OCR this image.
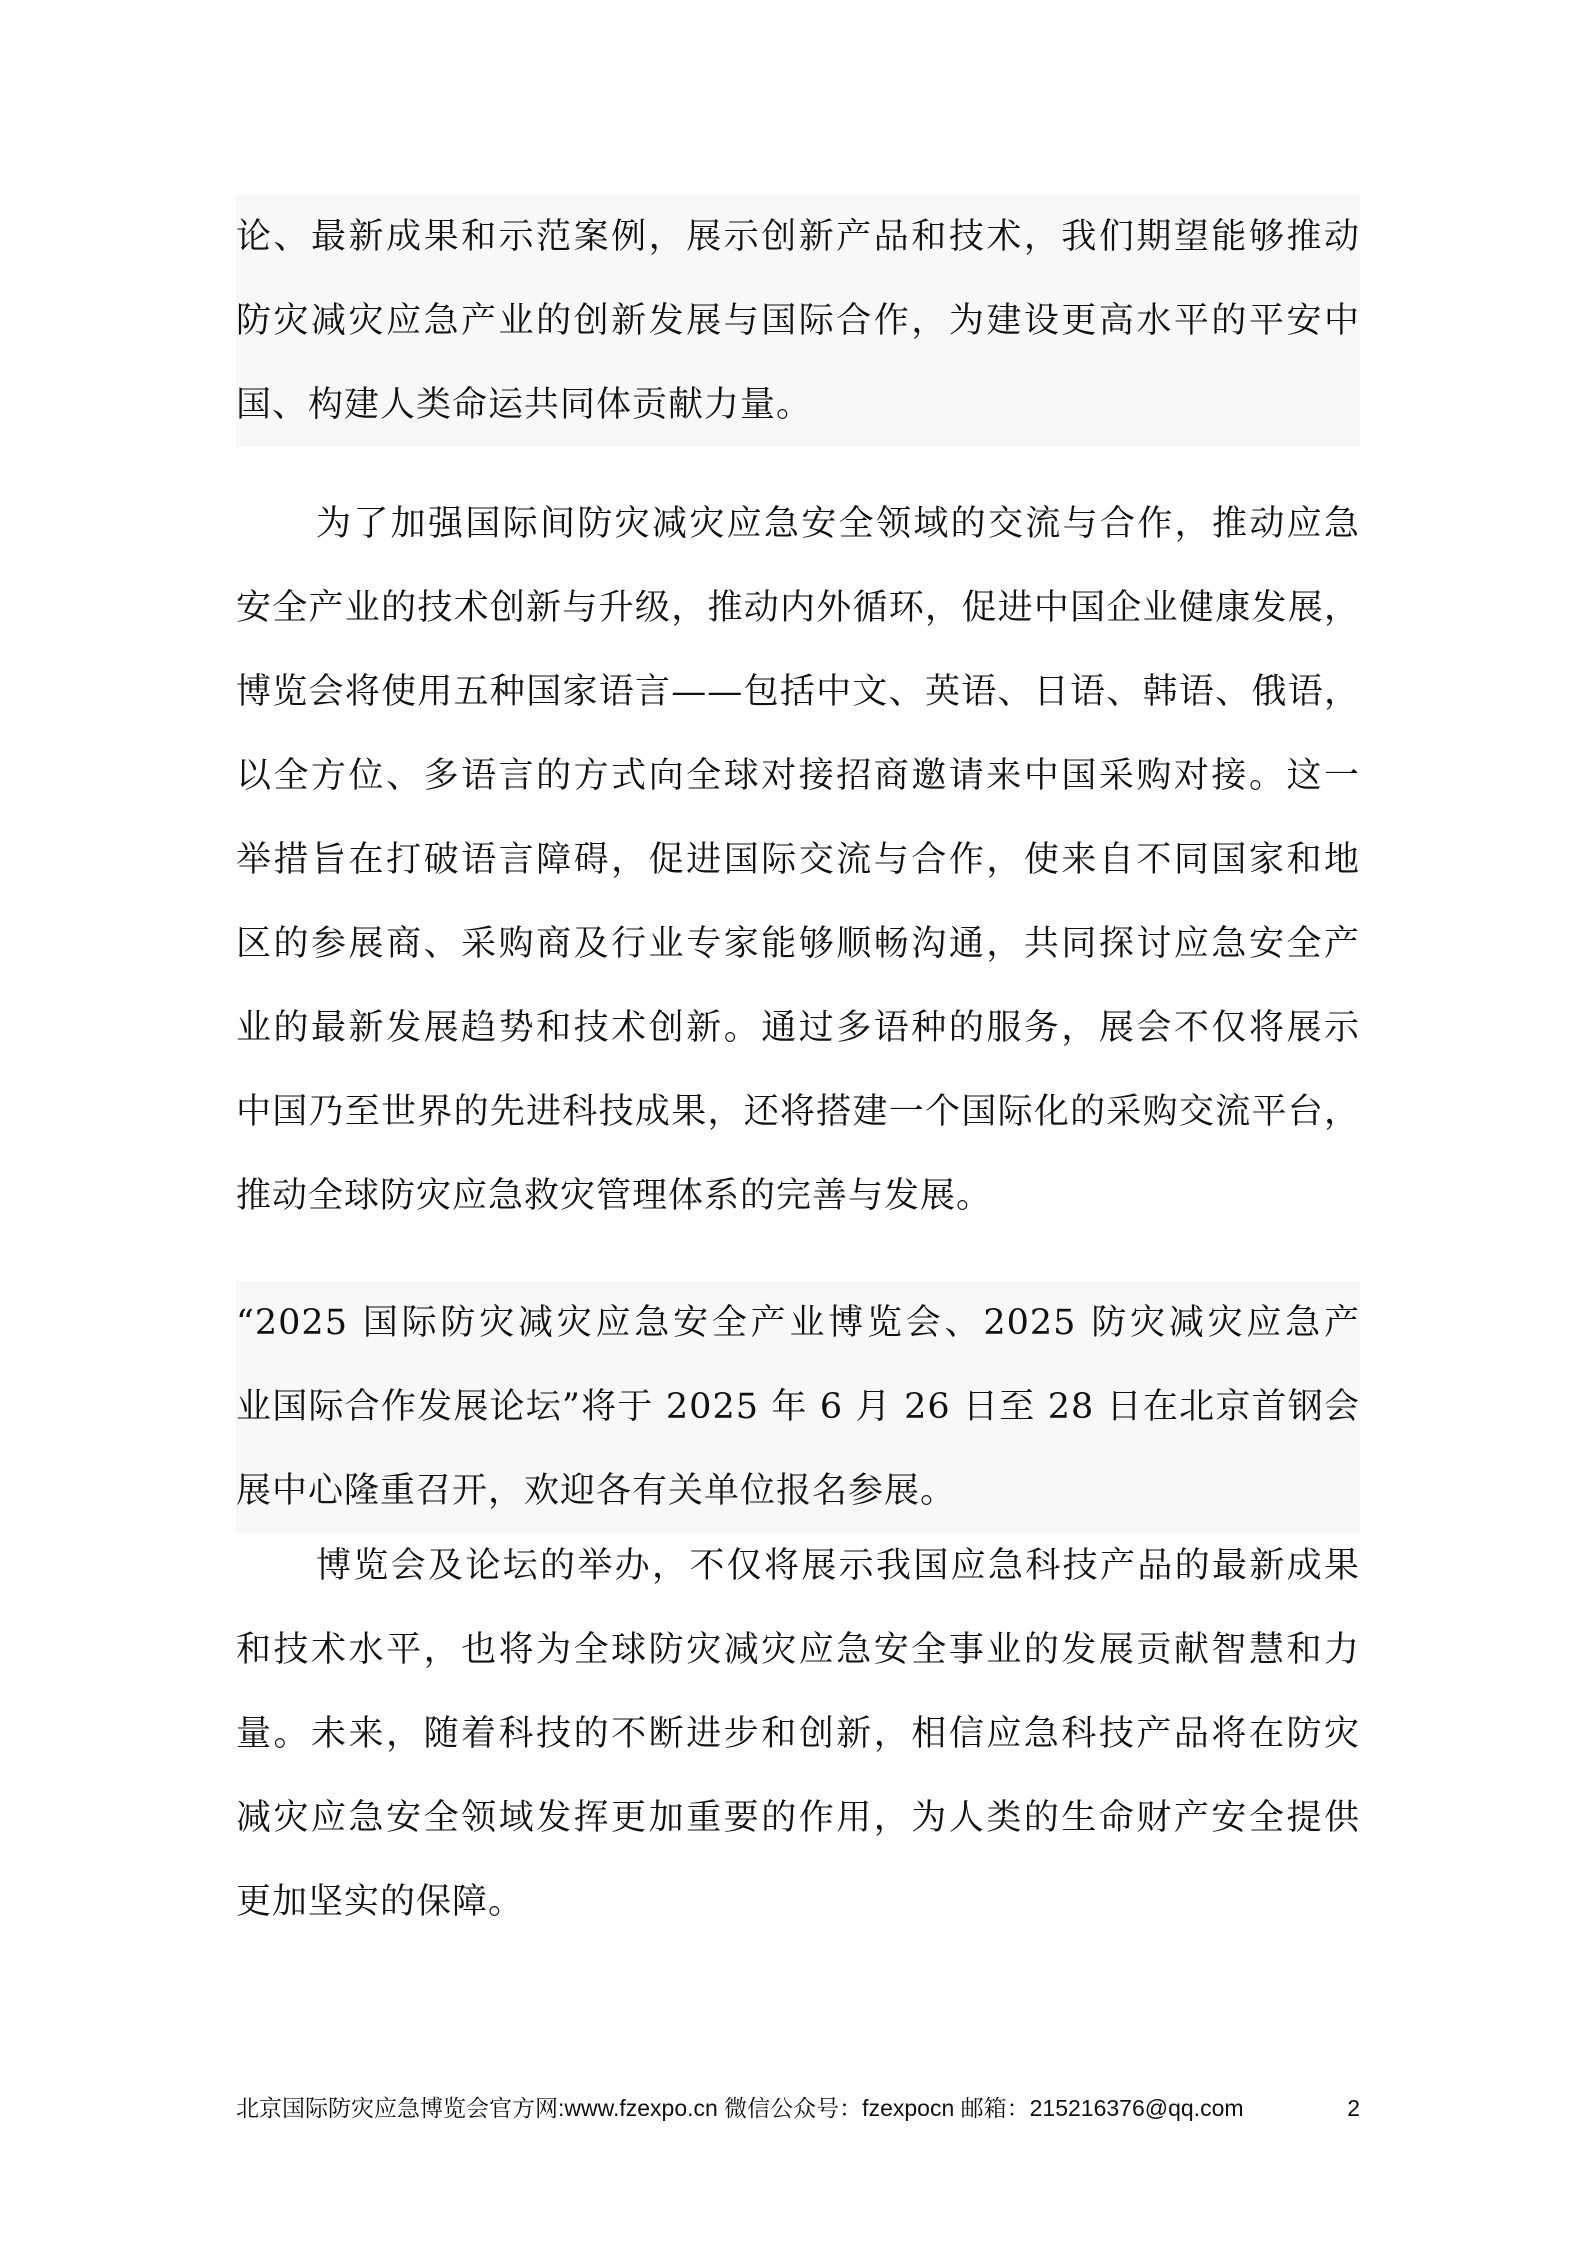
论、最新成果和示范案例，展示创新产品和技术，我们期望能够推动
防灾减灾应急产业的创新发展与国际合作，为建设更高水平的平安中
国、构建人类命运共同体贡献力量。
为了加强国际间防灾减灾应急安全领域的交流与合作，推动应急
安全产业的技术创新与升级，推动内外循环，促进中国企业健康发展，
博览会将使用五种国家语言——包括中文、英语、日语、韩语、俄语，
以全方位、多语言的方式向全球对接招商邀请来中国采购对接。这一
举措旨在打破语言障碍，促进国际交流与合作，使来自不同国家和地
区的参展商、采购商及行业专家能够顺畅沟通，共同探讨应急安全产
业的最新发展趋势和技术创新。通过多语种的服务，展会不仅将展示
中国乃至世界的先进科技成果，还将搭建一个国际化的采购交流平台，
推动全球防灾应急救灾管理体系的完善与发展。
“2025 国际防灾减灾应急安全产业博览会、2025 防灾减灾应急产
业国际合作发展论坛”将于 2025 年 6 月 26 日至 28 日在北京首钢会
展中心隆重召开，欢迎各有关单位报名参展。
博览会及论坛的举办，不仅将展示我国应急科技产品的最新成果
和技术水平，也将为全球防灾减灾应急安全事业的发展贡献智慧和力
量。未来，随着科技的不断进步和创新，相信应急科技产品将在防灾
减灾应急安全领域发挥更加重要的作用，为人类的生命财产安全提供
更加坚实的保障。
北京国际防灾应急博览会官方网:www.fzexpo.cn 微信公众号：fzexpocn 邮箱：215216376@qq.com	2
